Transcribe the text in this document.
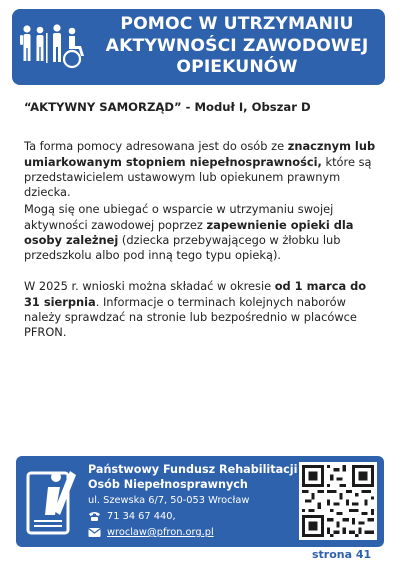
POMOC W UTRZYMANIU
AKTYWNOŚCI ZAWODOWEJ
OPIEKUNÓW
“AKTYWNY SAMORZĄD” - Moduł I, Obszar D

Ta forma pomocy adresowana jest do osób ze znacznym lub umiarkowanym stopniem niepełnosprawności, które są przedstawicielem ustawowym lub opiekunem prawnym dziecka.

Mogą się one ubiegać o wsparcie w utrzymaniu swojej aktywności zawodowej poprzez zapewnienie opieki dla osoby zależnej (dziecka przebywającego w żłobku lub przedszkolu albo pod inną tego typu opieką).

W 2025 r. wnioski można składać w okresie od 1 marca do 31 sierpnia. Informacje o terminach kolejnych naborów należy sprawdzać na stronie lub bezpośrednio w placówce PFRON.

Państwowy Fundusz Rehabilitacji
Osób Niepełnosprawnych
ul. Szewska 6/7, 50-053 Wrocław
71 34 67 440,
wroclaw@pfron.org.pl
strona 41
